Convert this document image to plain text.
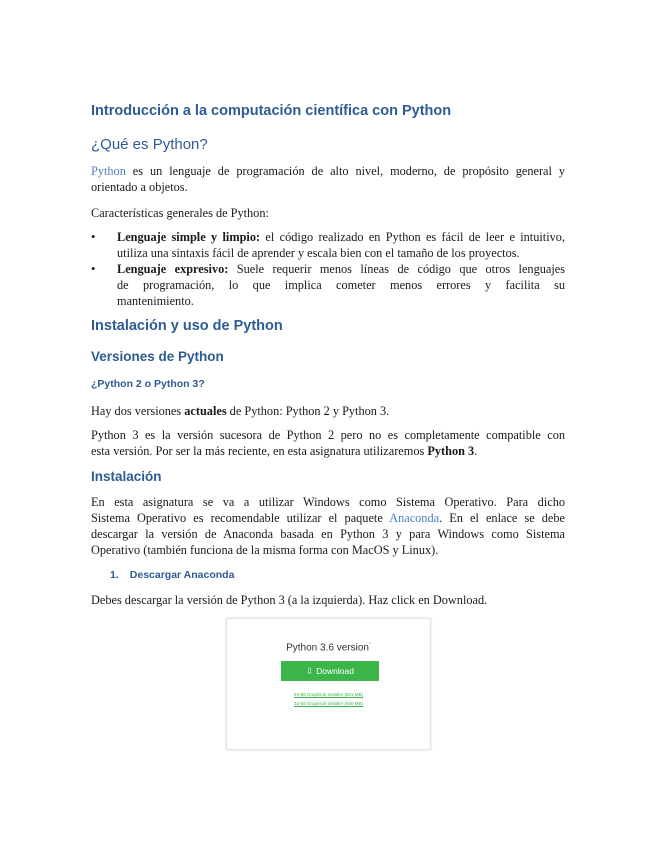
Introducción a la computación científica con Python
¿Qué es Python?
Python es un lenguaje de programación de alto nivel, moderno, de propósito general y
orientado a objetos.
Características generales de Python:
• Lenguaje simple y limpio: el código realizado en Python es fácil de leer e intuitivo,
utiliza una sintaxis fácil de aprender y escala bien con el tamaño de los proyectos.
• Lenguaje expresivo: Suele requerir menos líneas de código que otros lenguajes
de programación, lo que implica cometer menos errores y facilita su
mantenimiento.
Instalación y uso de Python
Versiones de Python
¿Python 2 o Python 3?
Hay dos versiones actuales de Python: Python 2 y Python 3.
Python 3 es la versión sucesora de Python 2 pero no es completamente compatible con
esta versión. Por ser la más reciente, en esta asignatura utilizaremos Python 3.
Instalación
En esta asignatura se va a utilizar Windows como Sistema Operativo. Para dicho
Sistema Operativo es recomendable utilizar el paquete Anaconda. En el enlace se debe
descargar la versión de Anaconda basada en Python 3 y para Windows como Sistema
Operativo (también funciona de la misma forma con MacOS y Linux).
1. Descargar Anaconda
Debes descargar la versión de Python 3 (a la izquierda). Haz click en Download.
Python 3.6 version*
⇩ Download
64-Bit Graphical Installer (631 MB)
32-Bit Graphical Installer (506 MB)
